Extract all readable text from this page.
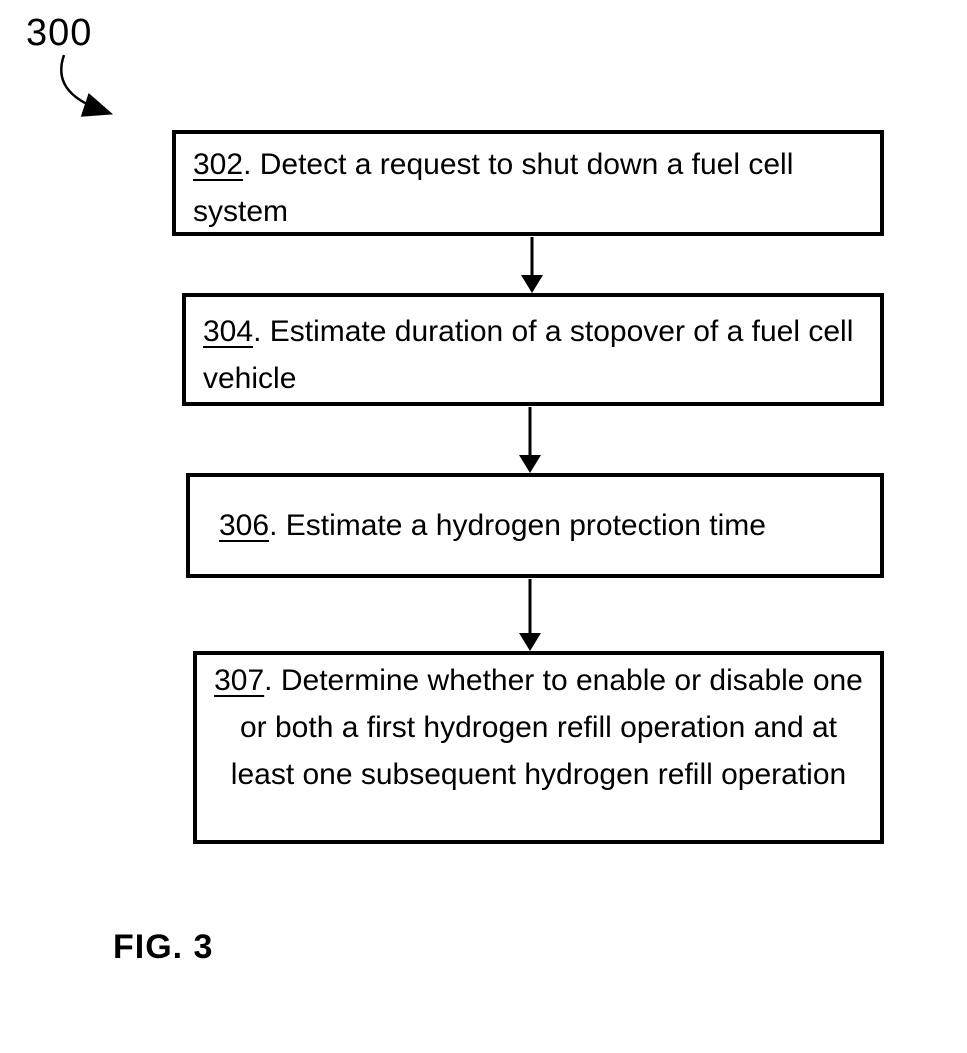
300
302. Detect a request to shut down a fuel cell system
304. Estimate duration of a stopover of a fuel cell vehicle
306. Estimate a hydrogen protection time
307. Determine whether to enable or disable one or both a first hydrogen refill operation and at least one subsequent hydrogen refill operation
FIG. 3
